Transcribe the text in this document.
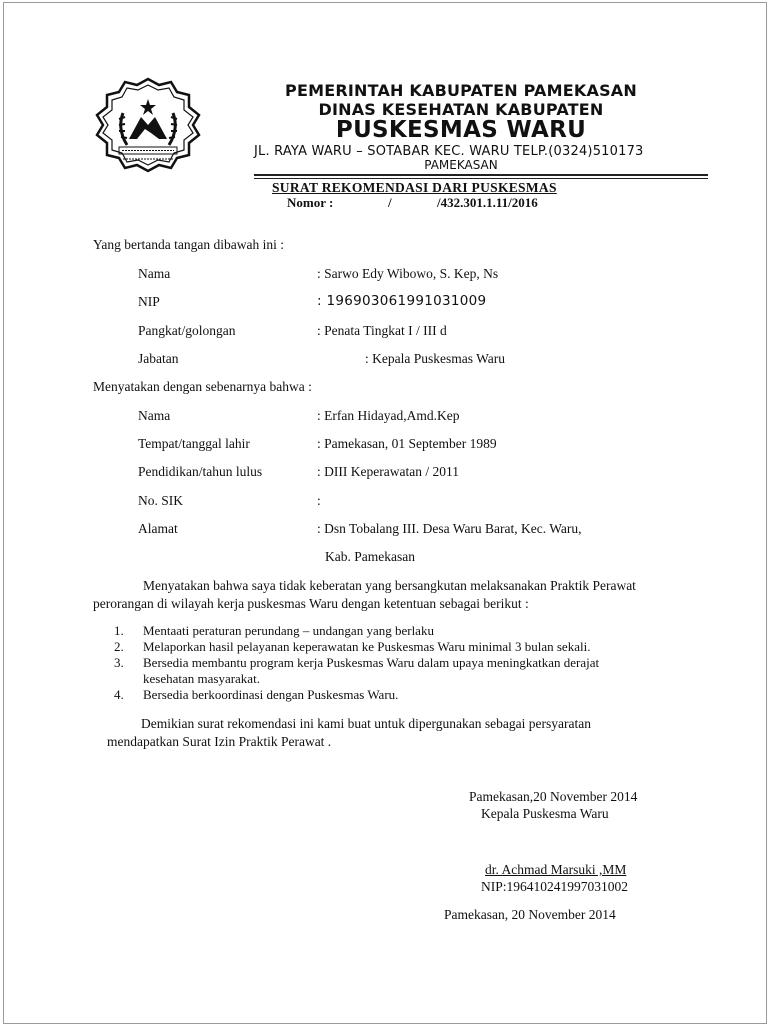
PEMERINTAH KABUPATEN PAMEKASAN
DINAS KESEHATAN KABUPATEN
PUSKESMAS WARU
JL. RAYA WARU – SOTABAR KEC. WARU TELP.(0324)510173
PAMEKASAN
SURAT REKOMENDASI DARI PUSKESMAS
Nomor :	/	/432.301.1.11/2016
Yang bertanda tangan dibawah ini :
Nama	: Sarwo Edy Wibowo, S. Kep, Ns
NIP	: 196903061991031009
Pangkat/golongan	: Penata Tingkat I / III d
Jabatan	: Kepala Puskesmas Waru
Menyatakan dengan sebenarnya bahwa :
Nama	: Erfan Hidayad,Amd.Kep
Tempat/tanggal lahir	: Pamekasan, 01 September 1989
Pendidikan/tahun lulus	: DIII Keperawatan / 2011
No. SIK	:
Alamat	: Dsn Tobalang III. Desa Waru Barat, Kec. Waru,
Kab. Pamekasan
Menyatakan bahwa saya tidak keberatan yang bersangkutan melaksanakan Praktik Perawat
perorangan di wilayah kerja puskesmas Waru dengan ketentuan sebagai berikut :
1. Mentaati peraturan perundang – undangan yang berlaku
2. Melaporkan hasil pelayanan keperawatan ke Puskesmas Waru minimal 3 bulan sekali.
3. Bersedia membantu program kerja Puskesmas Waru dalam upaya meningkatkan derajat
kesehatan masyarakat.
4. Bersedia berkoordinasi dengan Puskesmas Waru.
Demikian surat rekomendasi ini kami buat untuk dipergunakan sebagai persyaratan
mendapatkan Surat Izin Praktik Perawat .
Pamekasan,20 November 2014
Kepala Puskesma Waru
dr. Achmad Marsuki ,MM
NIP:196410241997031002
Pamekasan, 20 November 2014
